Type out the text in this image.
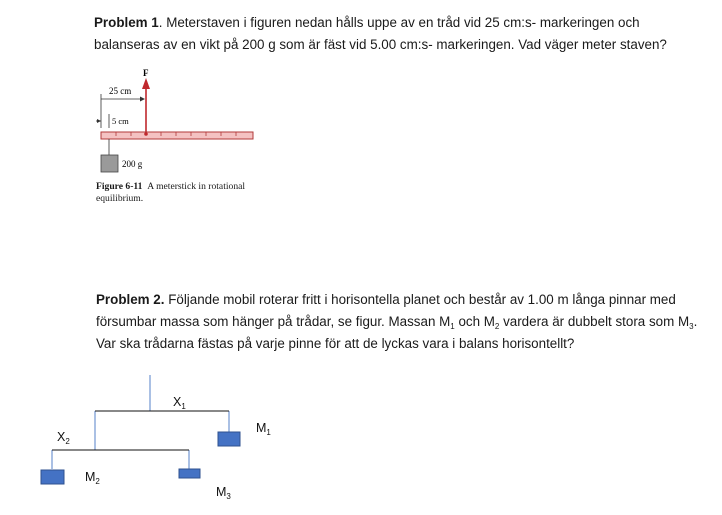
Problem 1. Meterstaven i figuren nedan hålls uppe av en tråd vid 25 cm:s- markeringen och balanseras av en vikt på 200 g som är fäst vid 5.00 cm:s- markeringen. Vad väger meter staven?

F
25 cm
5 cm
200 g
Figure 6-11 A meterstick in rotational equilibrium.

Problem 2. Följande mobil roterar fritt i horisontella planet och består av 1.00 m långa pinnar med försumbar massa som hänger på trådar, se figur. Massan $M_1$ och $M_2$ vardera är dubbelt stora som $M_3$. Var ska trådarna fästas på varje pinne för att de lyckas vara i balans horisontellt?

$X_1$
$X_2$
$M_1$
$M_2$
$M_3$
